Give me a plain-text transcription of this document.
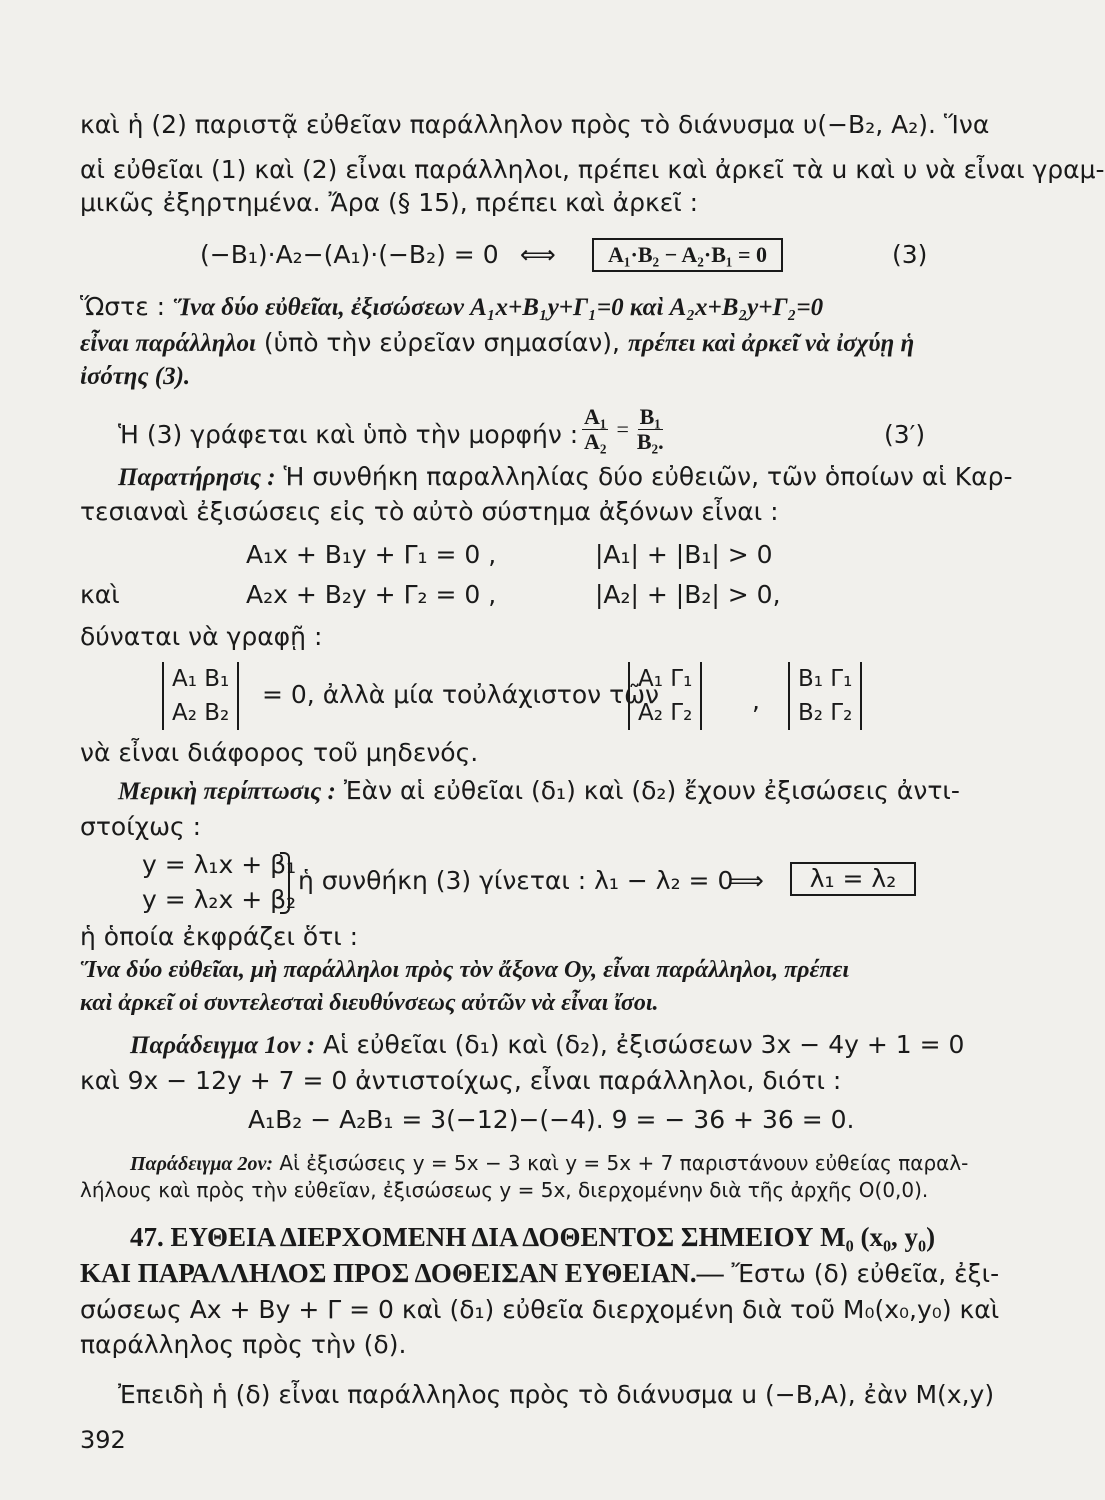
καὶ ἡ (2) παριστᾷ εὐθεῖαν παράλληλον πρὸς τὸ διάνυσμα υ(−B₂, A₂). Ἵνα
αἱ εὐθεῖαι (1) καὶ (2) εἶναι παράλληλοι, πρέπει καὶ ἀρκεῖ τὰ u καὶ υ νὰ εἶναι γραμ-
μικῶς ἐξηρτημένα. Ἄρα (§ 15), πρέπει καὶ ἀρκεῖ :
(−B₁)·A₂−(A₁)·(−B₂) = 0 ⟺	A₁·B₂ − A₂·B₁ = 0	(3)
Ὥστε : Ἵνα δύο εὐθεῖαι, ἐξισώσεων A₁x+B₁y+Γ₁=0 καὶ A₂x+B₂y+Γ₂=0
εἶναι παράλληλοι (ὑπὸ τὴν εὐρεῖαν σημασίαν), πρέπει καὶ ἀρκεῖ νὰ ἰσχύῃ ἡ
ἰσότης (3).
Ἡ (3) γράφεται καὶ ὑπὸ τὴν μορφήν : $\frac{\text{A₁}}{\text{A₂}} = \frac{\text{B₁}}{\text{B₂.}}$	(3′)
Παρατήρησις : Ἡ συνθήκη παραλληλίας δύο εὐθειῶν, τῶν ὁποίων αἱ Καρ-
τεσιαναὶ ἐξισώσεις εἰς τὸ αὐτὸ σύστημα ἀξόνων εἶναι :
A₁x + B₁y + Γ₁ = 0 ,	|A₁| + |B₁| > 0
καὶ	A₂x + B₂y + Γ₂ = 0 ,	|A₂| + |B₂| > 0,
δύναται νὰ γραφῇ :
A₁ B₁
A₂ B₂
= 0, ἀλλὰ μία τοὐλάχιστον τῶν
A₁ Γ₁
A₂ Γ₂ ,
B₁ Γ₁
B₂ Γ₂
νὰ εἶναι διάφορος τοῦ μηδενός.
Μερικὴ περίπτωσις : Ἐὰν αἱ εὐθεῖαι (δ₁) καὶ (δ₂) ἔχουν ἐξισώσεις ἀντι-
στοίχως :
y = λ₁x + β₁
y = λ₂x + β₂
ἡ συνθήκη (3) γίνεται : λ₁ − λ₂ = 0
⟹	λ₁ = λ₂
ἡ ὁποία ἐκφράζει ὅτι :
Ἵνα δύο εὐθεῖαι, μὴ παράλληλοι πρὸς τὸν ἄξονα Oy, εἶναι παράλληλοι, πρέπει
καὶ ἀρκεῖ οἱ συντελεσταὶ διευθύνσεως αὐτῶν νὰ εἶναι ἴσοι.
Παράδειγμα 1ον : Αἱ εὐθεῖαι (δ₁) καὶ (δ₂), ἐξισώσεων 3x − 4y + 1 = 0
καὶ 9x − 12y + 7 = 0 ἀντιστοίχως, εἶναι παράλληλοι, διότι :
A₁B₂ − A₂B₁ = 3(−12)−(−4). 9 = − 36 + 36 = 0.
Παράδειγμα 2ον: Αἱ ἐξισώσεις y = 5x − 3 καὶ y = 5x + 7 παριστάνουν εὐθείας παραλ-
λήλους καὶ πρὸς τὴν εὐθεῖαν, ἐξισώσεως y = 5x, διερχομένην διὰ τῆς ἀρχῆς O(0,0).
47. ΕΥΘΕΙΑ ΔΙΕΡΧΟΜΕΝΗ ΔΙΑ ΔΟΘΕΝΤΟΣ ΣΗΜΕΙΟΥ M₀ (x₀, y₀)
ΚΑΙ ΠΑΡΑΛΛΗΛΟΣ ΠΡΟΣ ΔΟΘΕΙΣΑΝ ΕΥΘΕΙΑΝ.— Ἔστω (δ) εὐθεῖα, ἐξι-
σώσεως Ax + By + Γ = 0 καὶ (δ₁) εὐθεῖα διερχομένη διὰ τοῦ M₀(x₀,y₀) καὶ
παράλληλος πρὸς τὴν (δ).
Ἐπειδὴ ἡ (δ) εἶναι παράλληλος πρὸς τὸ διάνυσμα u (−B,A), ἐὰν M(x,y)
392
